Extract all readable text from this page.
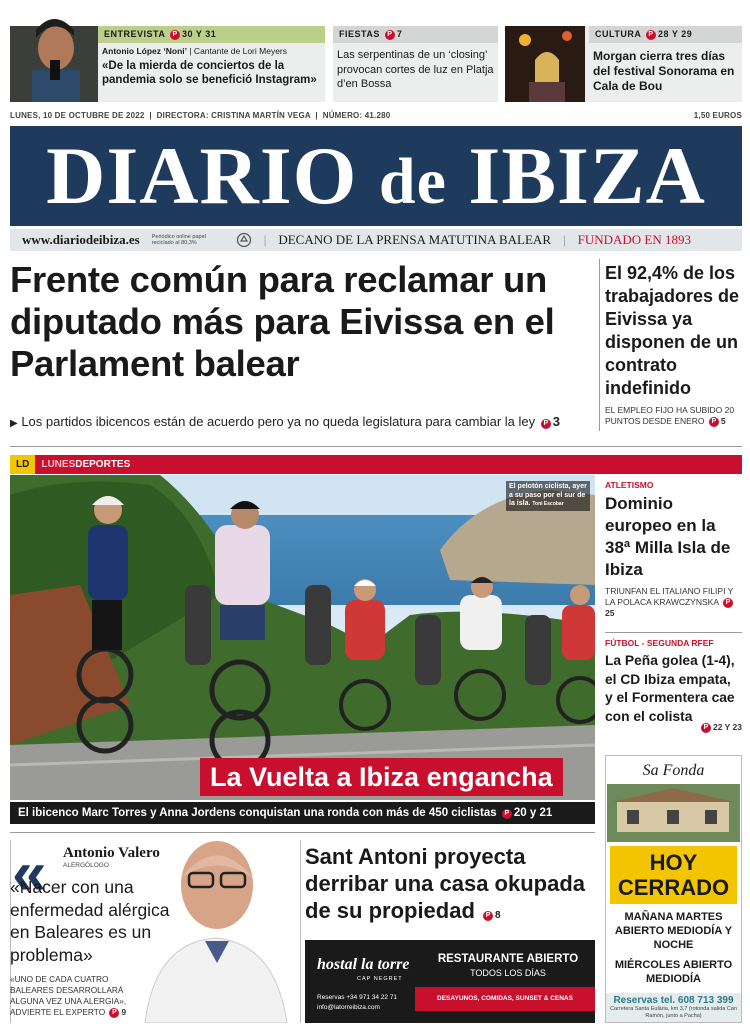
ENTREVISTA P 30 Y 31
Antonio López ‘Noni’ | Cantante de Lori Meyers
«De la mierda de conciertos de la pandemia solo se benefició Instagram»
FIESTAS P 7
Las serpentinas de un ‘closing’ provocan cortes de luz en Platja d’en Bossa
CULTURA P 28 Y 29
Morgan cierra tres días del festival Sonorama en Cala de Bou
LUNES, 10 DE OCTUBRE DE 2022  |  DIRECTORA: CRISTINA MARTÍN VEGA  |  NÚMERO: 41.280	1,50 EUROS
DIARIO de IBIZA
www.diariodeibiza.es Periódico online papel reciclado al 80,3%	| DECANO DE LA PRENSA MATUTINA BALEAR | FUNDADO EN 1893
Frente común para reclamar un diputado más para Eivissa en el Parlament balear
▶ Los partidos ibicencos están de acuerdo pero ya no queda legislatura para cambiar la ley P 3
El 92,4% de los trabajadores de Eivissa ya disponen de un contrato indefinido
EL EMPLEO FIJO HA SUBIDO 20 PUNTOS DESDE ENERO P 5
LD	LUNES DEPORTES
El pelotón ciclista, ayer a su paso por el sur de la isla. Toni Escobar
La Vuelta a Ibiza engancha
El ibicenco Marc Torres y Anna Jordens conquistan una ronda con más de 450 ciclistas P 20 y 21
ATLETISMO
Dominio europeo en la 38ª Milla Isla de Ibiza
TRIUNFAN EL ITALIANO FILIPI Y LA POLACA KRAWCZYNSKA P25
FÚTBOL - SEGUNDA RFEF
La Peña golea (1-4), el CD Ibiza empata, y el Formentera cae con el colista
P22 Y 23
Sa Fonda
HOY
CERRADO
MAÑANA MARTES ABIERTO MEDIODÍA Y NOCHE
MIÉRCOLES ABIERTO MEDIODÍA
Reservas tel. 608 713 399
Carretera Santa Eulària, km 3,7 (rotonda salida Can Ramón, junto a Pacha)
« Antonio Valero
ALERGÓLOGO
«Nacer con una enfermedad alérgica en Baleares es un problema»
«UNO DE CADA CUATRO BALEARES DESARROLLARÁ ALGUNA VEZ UNA ALERGIA», ADVIERTE EL EXPERTO P 9
Sant Antoni proyecta derribar una casa okupada de su propiedad P 8
hostal la torre
CAP NEGRET
Reservas +34 971 34 22 71
info@latorreibiza.com
RESTAURANTE ABIERTO
TODOS LOS DÍAS
DESAYUNOS, COMIDAS, SUNSET & CENAS
